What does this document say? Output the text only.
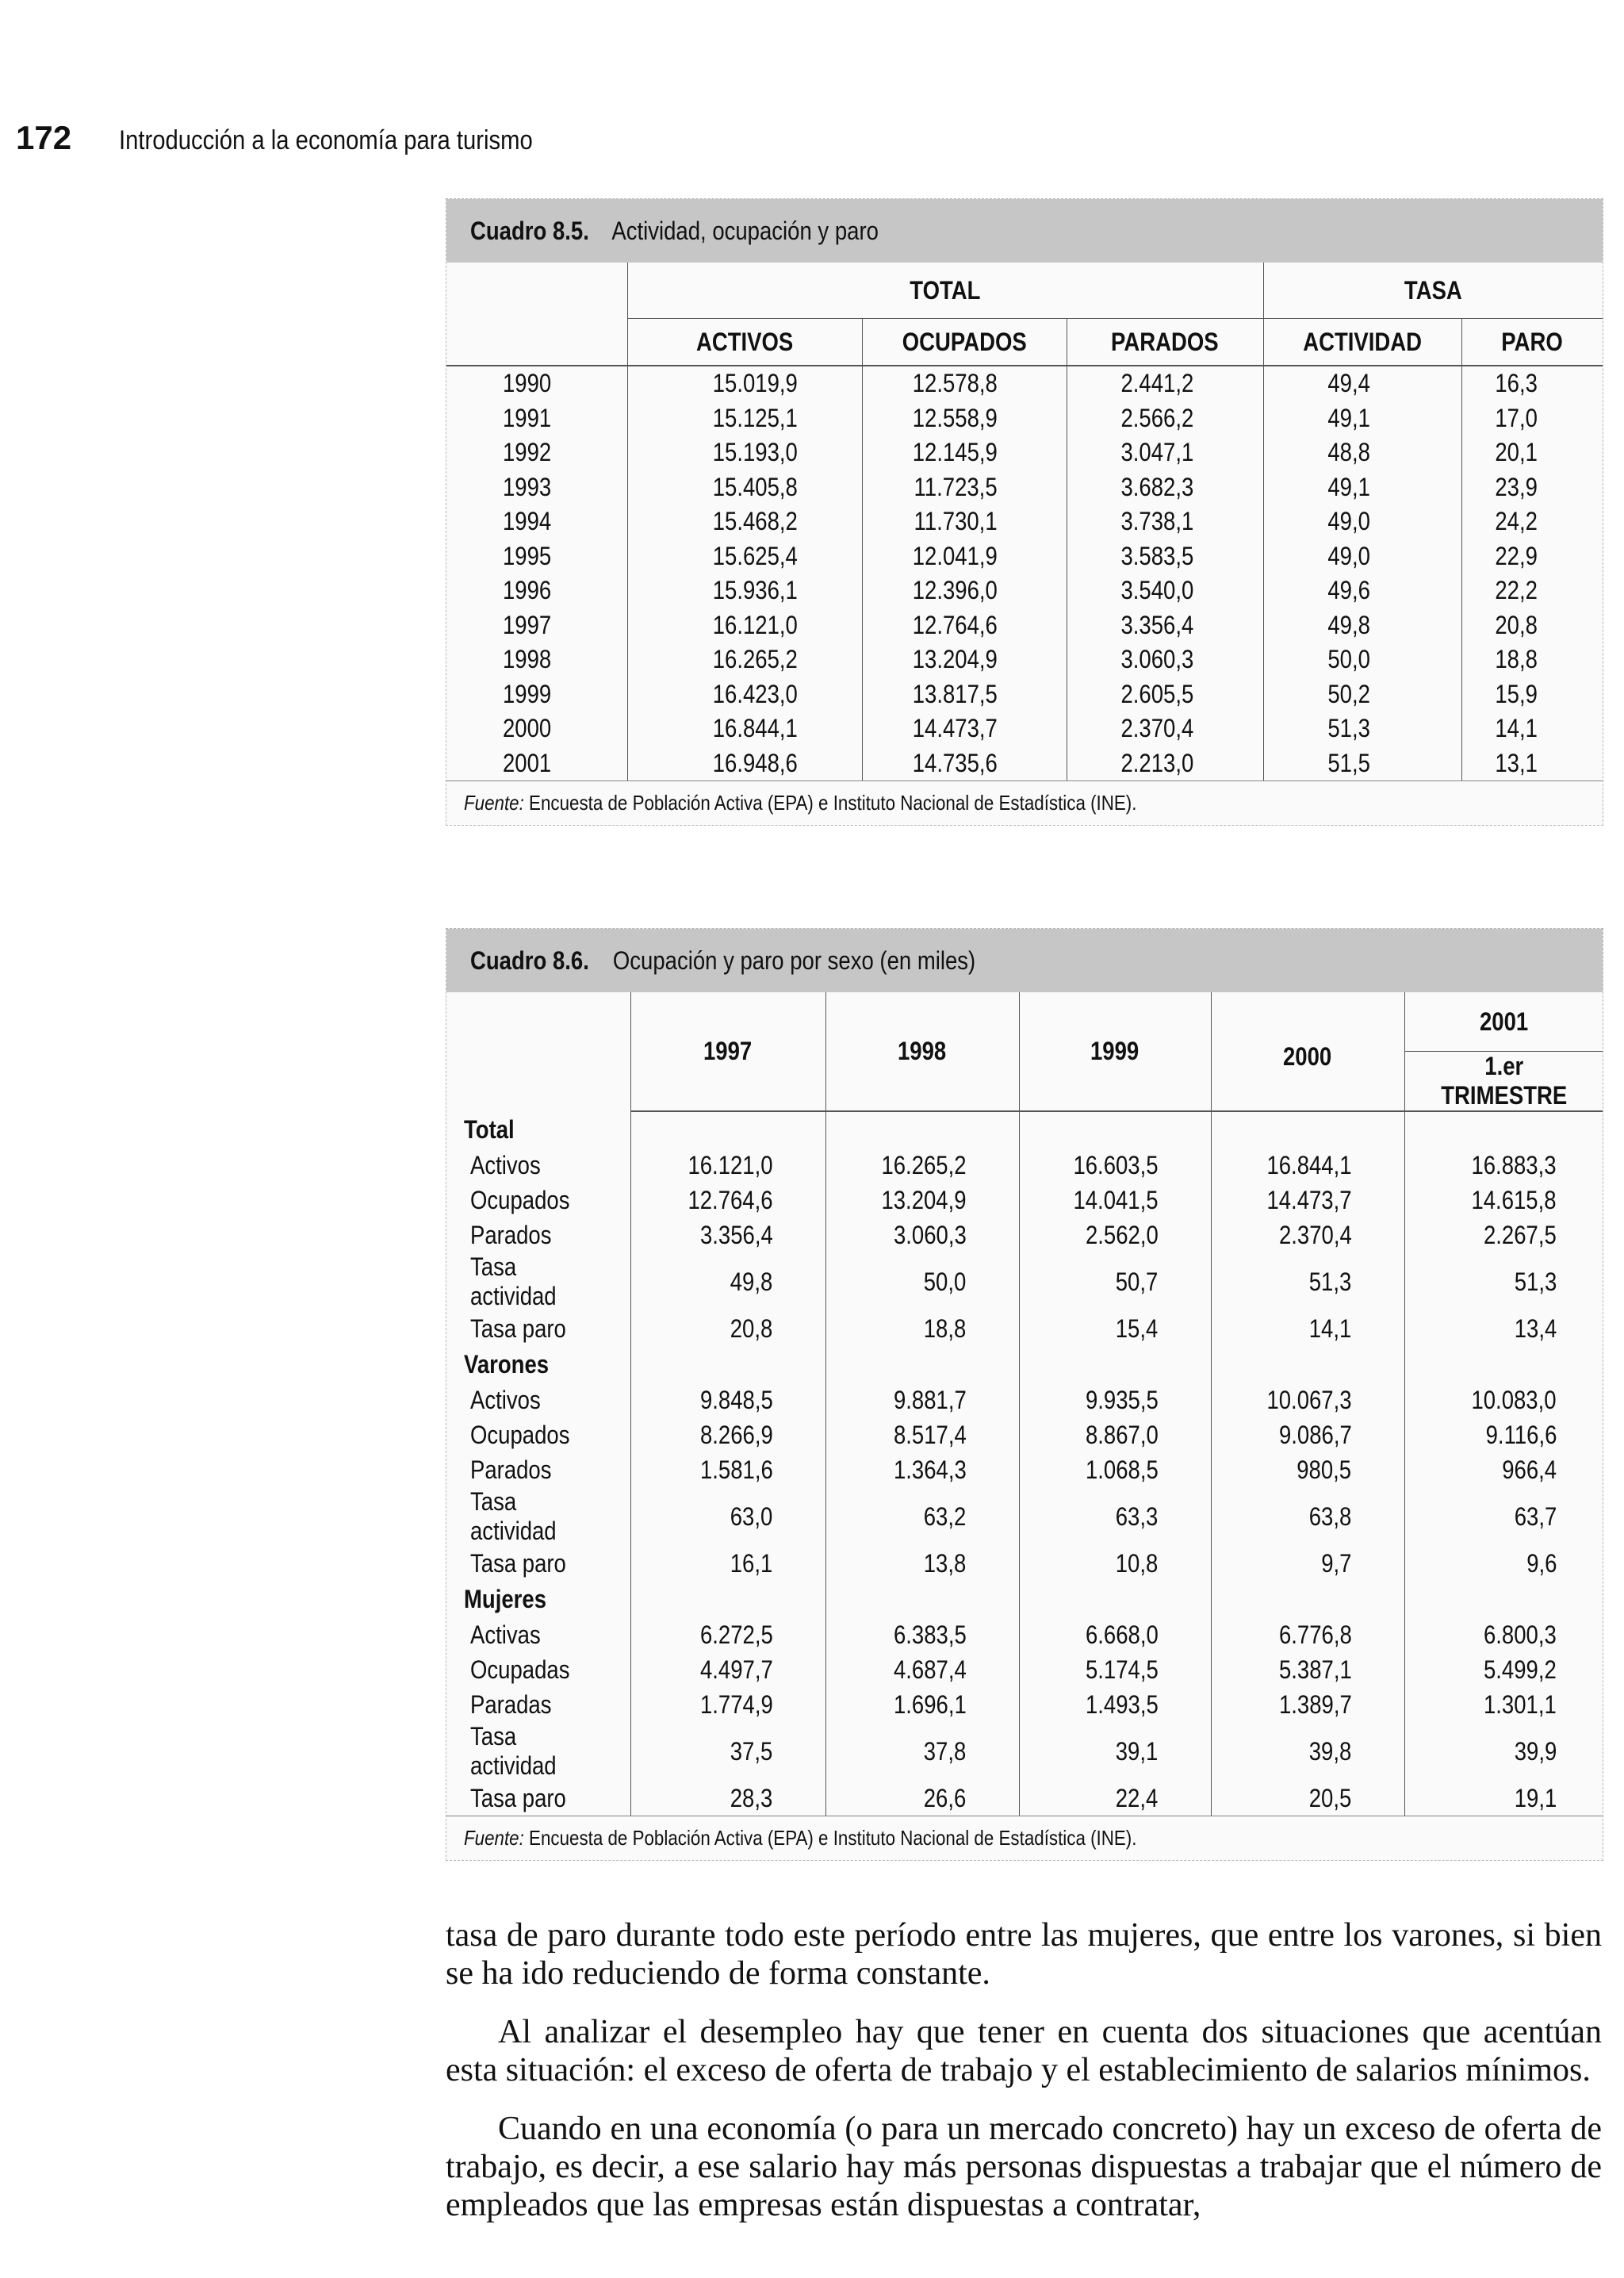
172	Introducción a la economía para turismo
Cuadro 8.5. Actividad, ocupación y paro
	TOTAL			TASA	
	ACTIVOS	OCUPADOS	PARADOS	ACTIVIDAD	PARO
1990	15.019,9	12.578,8	2.441,2	49,4	16,3
1991	15.125,1	12.558,9	2.566,2	49,1	17,0
1992	15.193,0	12.145,9	3.047,1	48,8	20,1
1993	15.405,8	11.723,5	3.682,3	49,1	23,9
1994	15.468,2	11.730,1	3.738,1	49,0	24,2
1995	15.625,4	12.041,9	3.583,5	49,0	22,9
1996	15.936,1	12.396,0	3.540,0	49,6	22,2
1997	16.121,0	12.764,6	3.356,4	49,8	20,8
1998	16.265,2	13.204,9	3.060,3	50,0	18,8
1999	16.423,0	13.817,5	2.605,5	50,2	15,9
2000	16.844,1	14.473,7	2.370,4	51,3	14,1
2001	16.948,6	14.735,6	2.213,0	51,5	13,1
Fuente: Encuesta de Población Activa (EPA) e Instituto Nacional de Estadística (INE).
Cuadro 8.6. Ocupación y paro por sexo (en miles)
	1997	1998	1999	2000	2001
					1.er TRIMESTRE
Total					
Activos	16.121,0	16.265,2	16.603,5	16.844,1	16.883,3
Ocupados	12.764,6	13.204,9	14.041,5	14.473,7	14.615,8
Parados	3.356,4	3.060,3	2.562,0	2.370,4	2.267,5
Tasa actividad	49,8	50,0	50,7	51,3	51,3
Tasa paro	20,8	18,8	15,4	14,1	13,4
Varones					
Activos	9.848,5	9.881,7	9.935,5	10.067,3	10.083,0
Ocupados	8.266,9	8.517,4	8.867,0	9.086,7	9.116,6
Parados	1.581,6	1.364,3	1.068,5	980,5	966,4
Tasa actividad	63,0	63,2	63,3	63,8	63,7
Tasa paro	16,1	13,8	10,8	9,7	9,6
Mujeres					
Activas	6.272,5	6.383,5	6.668,0	6.776,8	6.800,3
Ocupadas	4.497,7	4.687,4	5.174,5	5.387,1	5.499,2
Paradas	1.774,9	1.696,1	1.493,5	1.389,7	1.301,1
Tasa actividad	37,5	37,8	39,1	39,8	39,9
Tasa paro	28,3	26,6	22,4	20,5	19,1
Fuente: Encuesta de Población Activa (EPA) e Instituto Nacional de Estadística (INE).

tasa de paro durante todo este período entre las mujeres, que entre los varones, si bien se ha ido reduciendo de forma constante.

Al analizar el desempleo hay que tener en cuenta dos situaciones que acentúan esta situación: el exceso de oferta de trabajo y el establecimiento de salarios mínimos.

Cuando en una economía (o para un mercado concreto) hay un exceso de oferta de trabajo, es decir, a ese salario hay más personas dispuestas a trabajar que el número de empleados que las empresas están dispuestas a contratar,
